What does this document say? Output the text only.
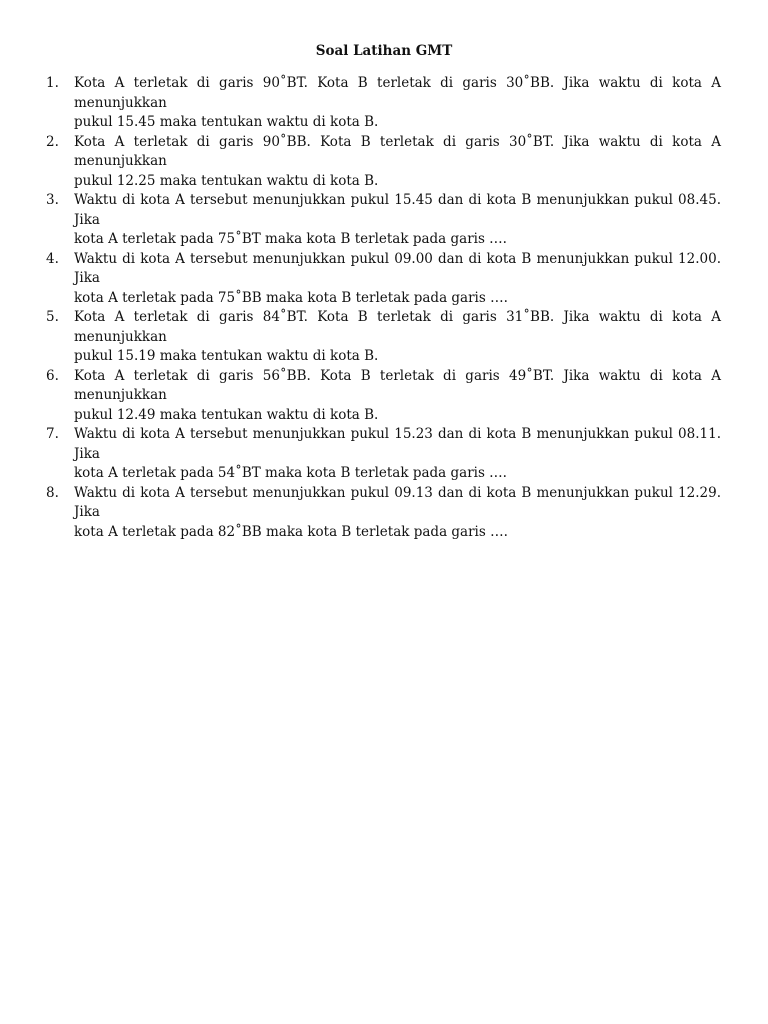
Soal Latihan GMT
1. Kota A terletak di garis 90˚BT. Kota B terletak di garis 30˚BB. Jika waktu di kota A menunjukkan
pukul 15.45 maka tentukan waktu di kota B.
2. Kota A terletak di garis 90˚BB. Kota B terletak di garis 30˚BT. Jika waktu di kota A menunjukkan
pukul 12.25 maka tentukan waktu di kota B.
3. Waktu di kota A tersebut menunjukkan pukul 15.45 dan di kota B menunjukkan pukul 08.45. Jika
kota A terletak pada 75˚BT maka kota B terletak pada garis ….
4. Waktu di kota A tersebut menunjukkan pukul 09.00 dan di kota B menunjukkan pukul 12.00. Jika
kota A terletak pada 75˚BB maka kota B terletak pada garis ….
5. Kota A terletak di garis 84˚BT. Kota B terletak di garis 31˚BB. Jika waktu di kota A menunjukkan
pukul 15.19 maka tentukan waktu di kota B.
6. Kota A terletak di garis 56˚BB. Kota B terletak di garis 49˚BT. Jika waktu di kota A menunjukkan
pukul 12.49 maka tentukan waktu di kota B.
7. Waktu di kota A tersebut menunjukkan pukul 15.23 dan di kota B menunjukkan pukul 08.11. Jika
kota A terletak pada 54˚BT maka kota B terletak pada garis ….
8. Waktu di kota A tersebut menunjukkan pukul 09.13 dan di kota B menunjukkan pukul 12.29. Jika
kota A terletak pada 82˚BB maka kota B terletak pada garis ….
